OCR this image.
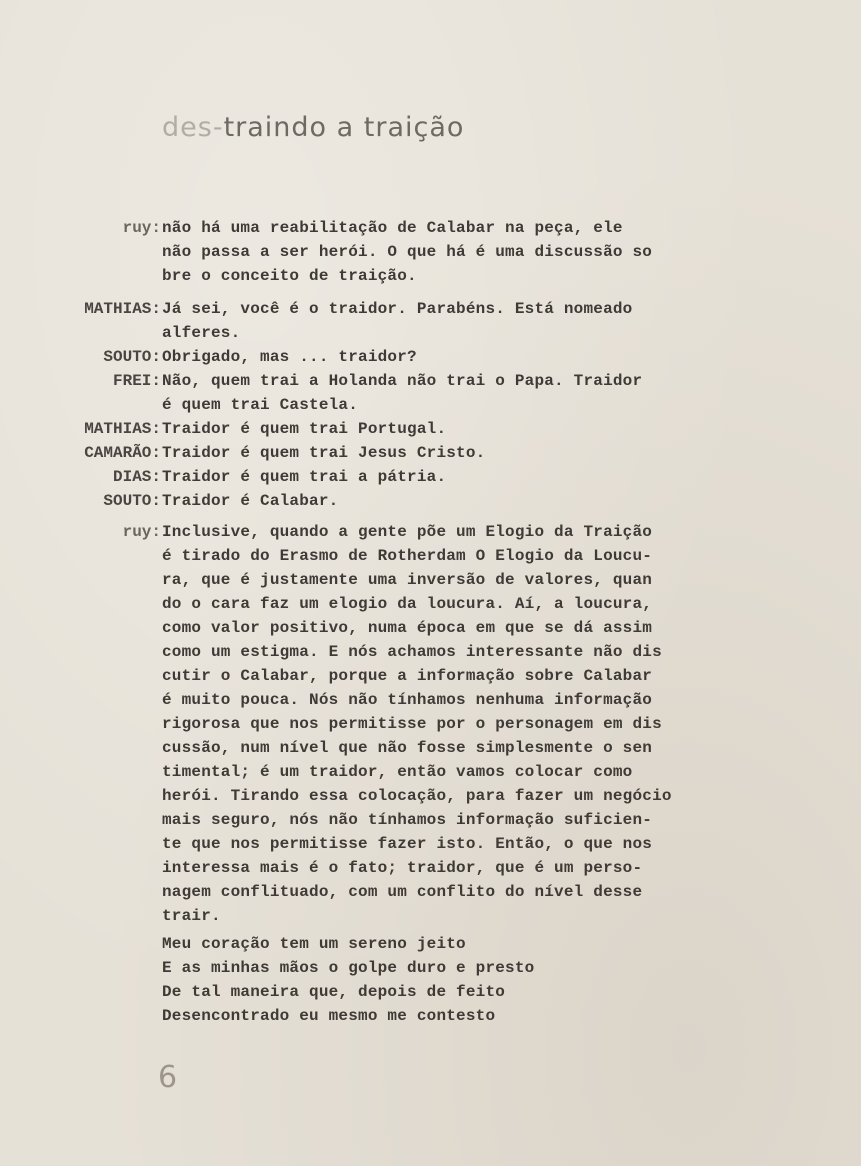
des-traindo a traição
ruy: não há uma reabilitação de Calabar na peça, ele
não passa a ser herói. O que há é uma discussão so
bre o conceito de traição.
MATHIAS: Já sei, você é o traidor. Parabéns. Está nomeado
alferes.
SOUTO: Obrigado, mas ... traidor?
FREI: Não, quem trai a Holanda não trai o Papa. Traidor
é quem trai Castela.
MATHIAS: Traidor é quem trai Portugal.
CAMARÃO: Traidor é quem trai Jesus Cristo.
DIAS: Traidor é quem trai a pátria.
SOUTO: Traidor é Calabar.
ruy: Inclusive, quando a gente põe um Elogio da Traição
é tirado do Erasmo de Rotherdam O Elogio da Loucu-
ra, que é justamente uma inversão de valores, quan
do o cara faz um elogio da loucura. Aí, a loucura,
como valor positivo, numa época em que se dá assim
como um estigma. E nós achamos interessante não dis
cutir o Calabar, porque a informação sobre Calabar
é muito pouca. Nós não tínhamos nenhuma informação
rigorosa que nos permitisse por o personagem em dis
cussão, num nível que não fosse simplesmente o sen
timental; é um traidor, então vamos colocar como
herói. Tirando essa colocação, para fazer um negócio
mais seguro, nós não tínhamos informação suficien-
te que nos permitisse fazer isto. Então, o que nos
interessa mais é o fato; traidor, que é um perso-
nagem conflituado, com um conflito do nível desse
trair.
Meu coração tem um sereno jeito
E as minhas mãos o golpe duro e presto
De tal maneira que, depois de feito
Desencontrado eu mesmo me contesto
6
